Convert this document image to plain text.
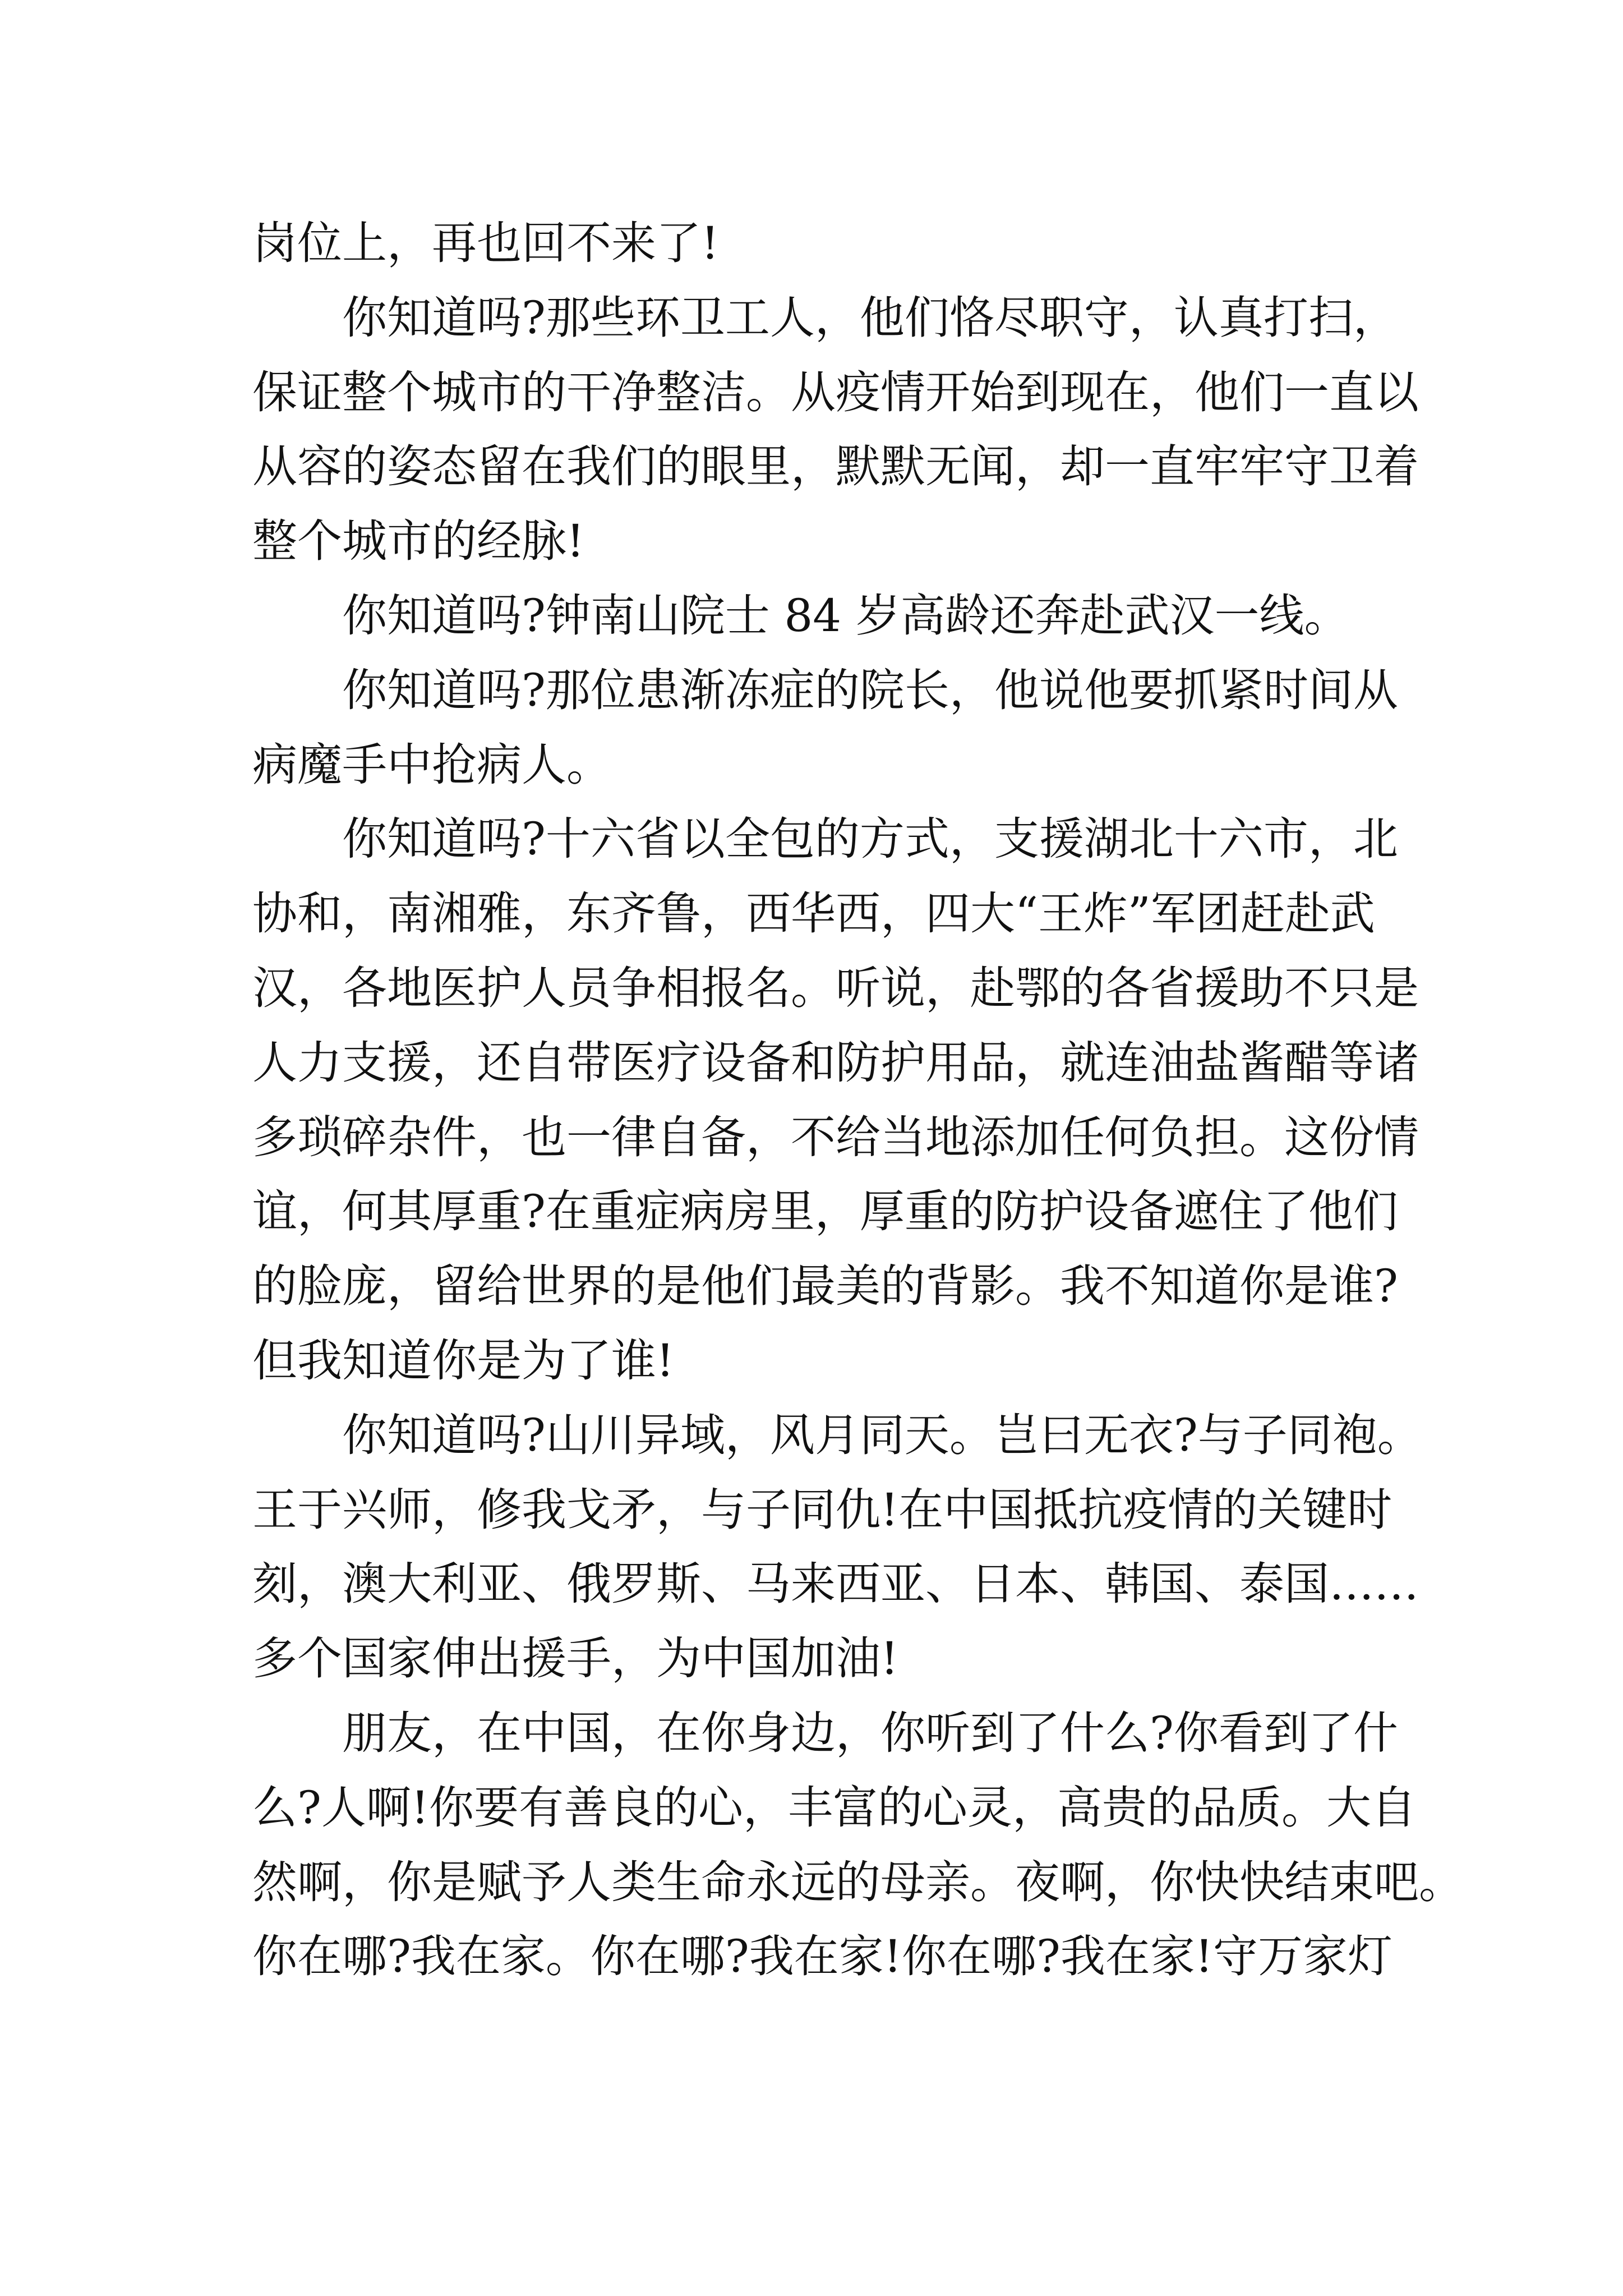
岗位上，再也回不来了!
你知道吗?那些环卫工人，他们恪尽职守，认真打扫，
保证整个城市的干净整洁。从疫情开始到现在，他们一直以
从容的姿态留在我们的眼里，默默无闻，却一直牢牢守卫着
整个城市的经脉!
你知道吗?钟南山院士 84 岁高龄还奔赴武汉一线。
你知道吗?那位患渐冻症的院长，他说他要抓紧时间从
病魔手中抢病人。
你知道吗?十六省以全包的方式，支援湖北十六市，北
协和，南湘雅，东齐鲁，西华西，四大“王炸”军团赶赴武
汉，各地医护人员争相报名。听说，赴鄂的各省援助不只是
人力支援，还自带医疗设备和防护用品，就连油盐酱醋等诸
多琐碎杂件，也一律自备，不给当地添加任何负担。这份情
谊，何其厚重?在重症病房里，厚重的防护设备遮住了他们
的脸庞，留给世界的是他们最美的背影。我不知道你是谁?
但我知道你是为了谁!
你知道吗?山川异域，风月同天。岂曰无衣?与子同袍。
王于兴师，修我戈矛，与子同仇!在中国抵抗疫情的关键时
刻，澳大利亚、俄罗斯、马来西亚、日本、韩国、泰国……
多个国家伸出援手，为中国加油!
朋友，在中国，在你身边，你听到了什么?你看到了什
么?人啊!你要有善良的心，丰富的心灵，高贵的品质。大自
然啊，你是赋予人类生命永远的母亲。夜啊，你快快结束吧。
你在哪?我在家。你在哪?我在家!你在哪?我在家!守万家灯
